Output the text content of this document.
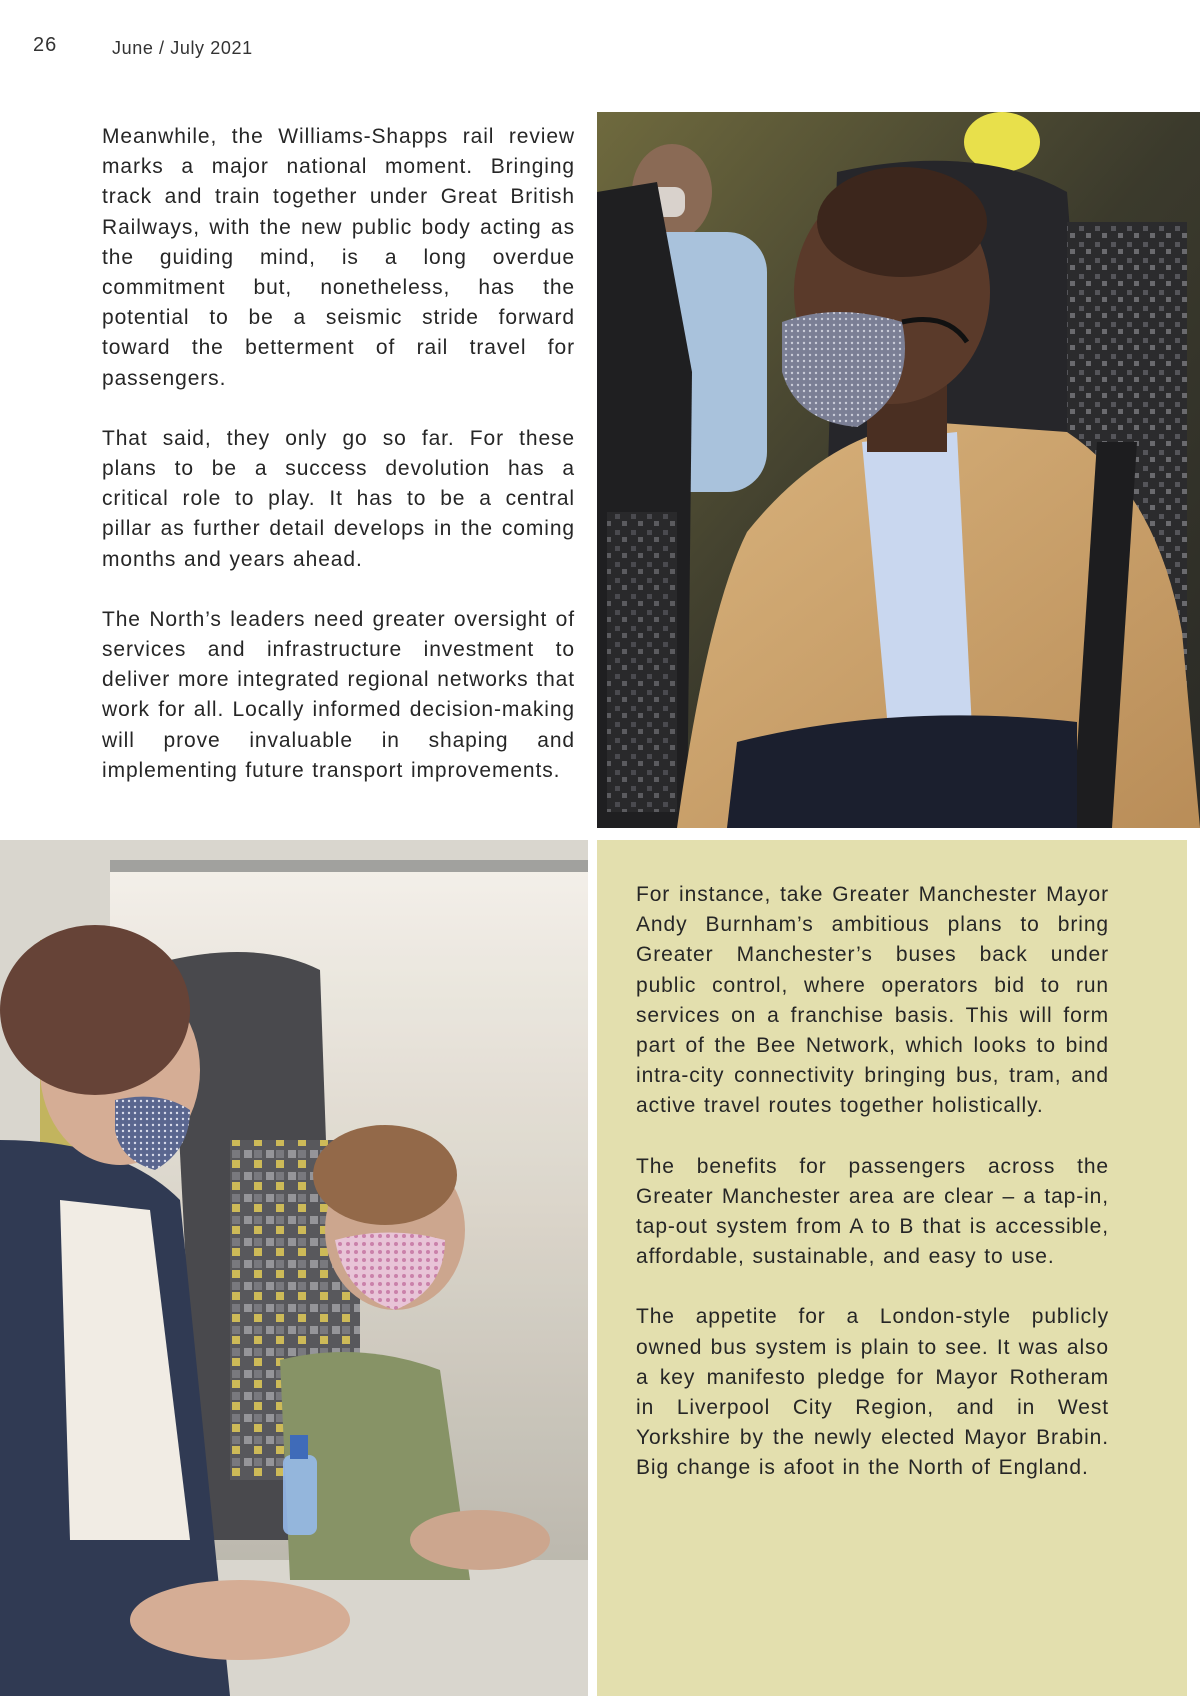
26	June / July 2021

Meanwhile, the Williams-Shapps rail review marks a major national moment. Bringing track and train together under Great British Railways, with the new public body acting as the guiding mind, is a long overdue commitment but, nonetheless, has the potential to be a seismic stride forward toward the betterment of rail travel for passengers.

That said, they only go so far. For these plans to be a success devolution has a critical role to play. It has to be a central pillar as further detail develops in the coming months and years ahead.

The North’s leaders need greater oversight of services and infrastructure investment to deliver more integrated regional networks that work for all. Locally informed decision-making will prove invaluable in shaping and implementing future transport improvements.

For instance, take Greater Manchester Mayor Andy Burnham’s ambitious plans to bring Greater Manchester’s buses back under public control, where operators bid to run services on a franchise basis. This will form part of the Bee Network, which looks to bind intra-city connectivity bringing bus, tram, and active travel routes together holistically.

The benefits for passengers across the Greater Manchester area are clear – a tap-in, tap-out system from A to B that is accessible, affordable, sustainable, and easy to use.

The appetite for a London-style publicly owned bus system is plain to see. It was also a key manifesto pledge for Mayor Rotheram in Liverpool City Region, and in West Yorkshire by the newly elected Mayor Brabin. Big change is afoot in the North of England.
